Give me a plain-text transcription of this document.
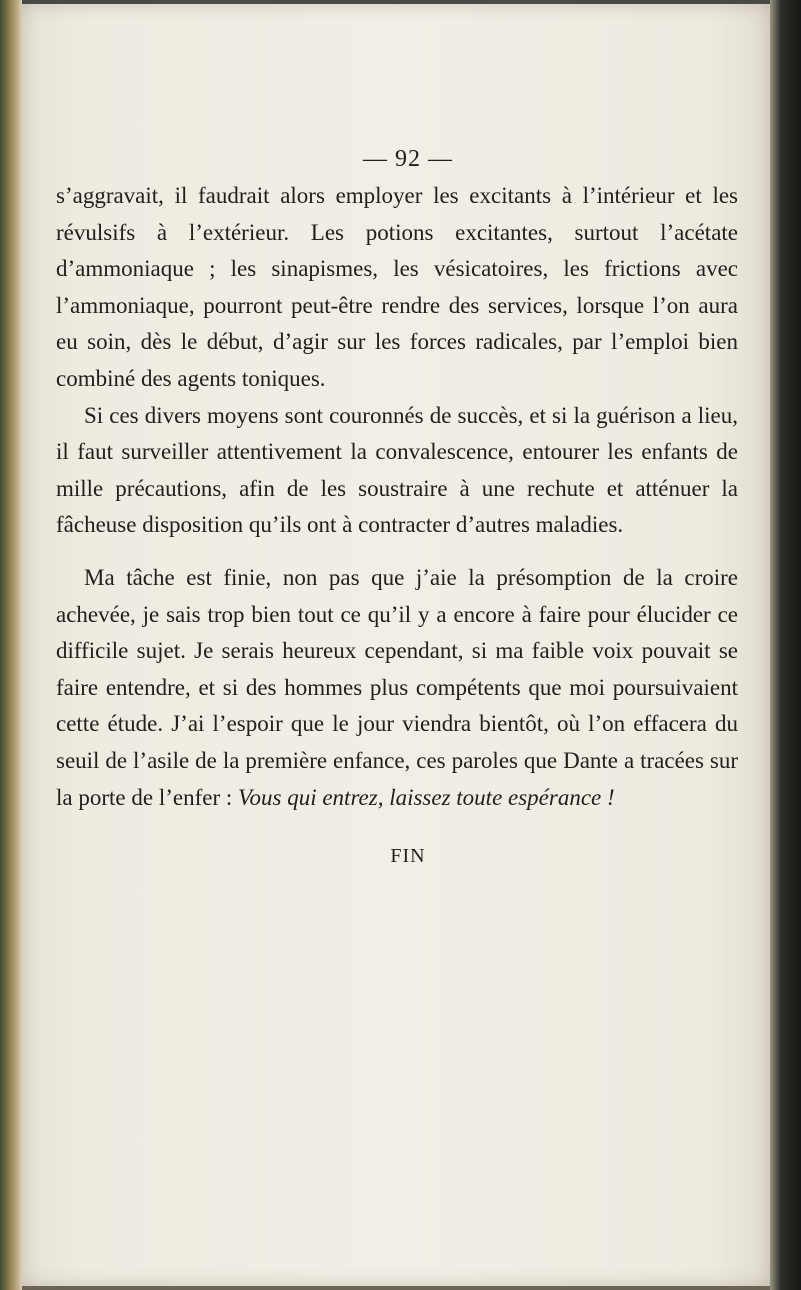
— 92 —

s’aggravait, il faudrait alors employer les excitants à l’intérieur et les révulsifs à l’extérieur. Les potions excitantes, surtout l’acétate d’ammoniaque ; les sinapismes, les vésicatoires, les frictions avec l’ammoniaque, pourront peut-être rendre des services, lorsque l’on aura eu soin, dès le début, d’agir sur les forces radicales, par l’emploi bien combiné des agents toniques.

Si ces divers moyens sont couronnés de succès, et si la guérison a lieu, il faut surveiller attentivement la convalescence, entourer les enfants de mille précautions, afin de les soustraire à une rechute et atténuer la fâcheuse disposition qu’ils ont à contracter d’autres maladies.

Ma tâche est finie, non pas que j’aie la présomption de la croire achevée, je sais trop bien tout ce qu’il y a encore à faire pour élucider ce difficile sujet. Je serais heureux cependant, si ma faible voix pouvait se faire entendre, et si des hommes plus compétents que moi poursuivaient cette étude. J’ai l’espoir que le jour viendra bientôt, où l’on effacera du seuil de l’asile de la première enfance, ces paroles que Dante a tracées sur la porte de l’enfer : Vous qui entrez, laissez toute espérance !

FIN
